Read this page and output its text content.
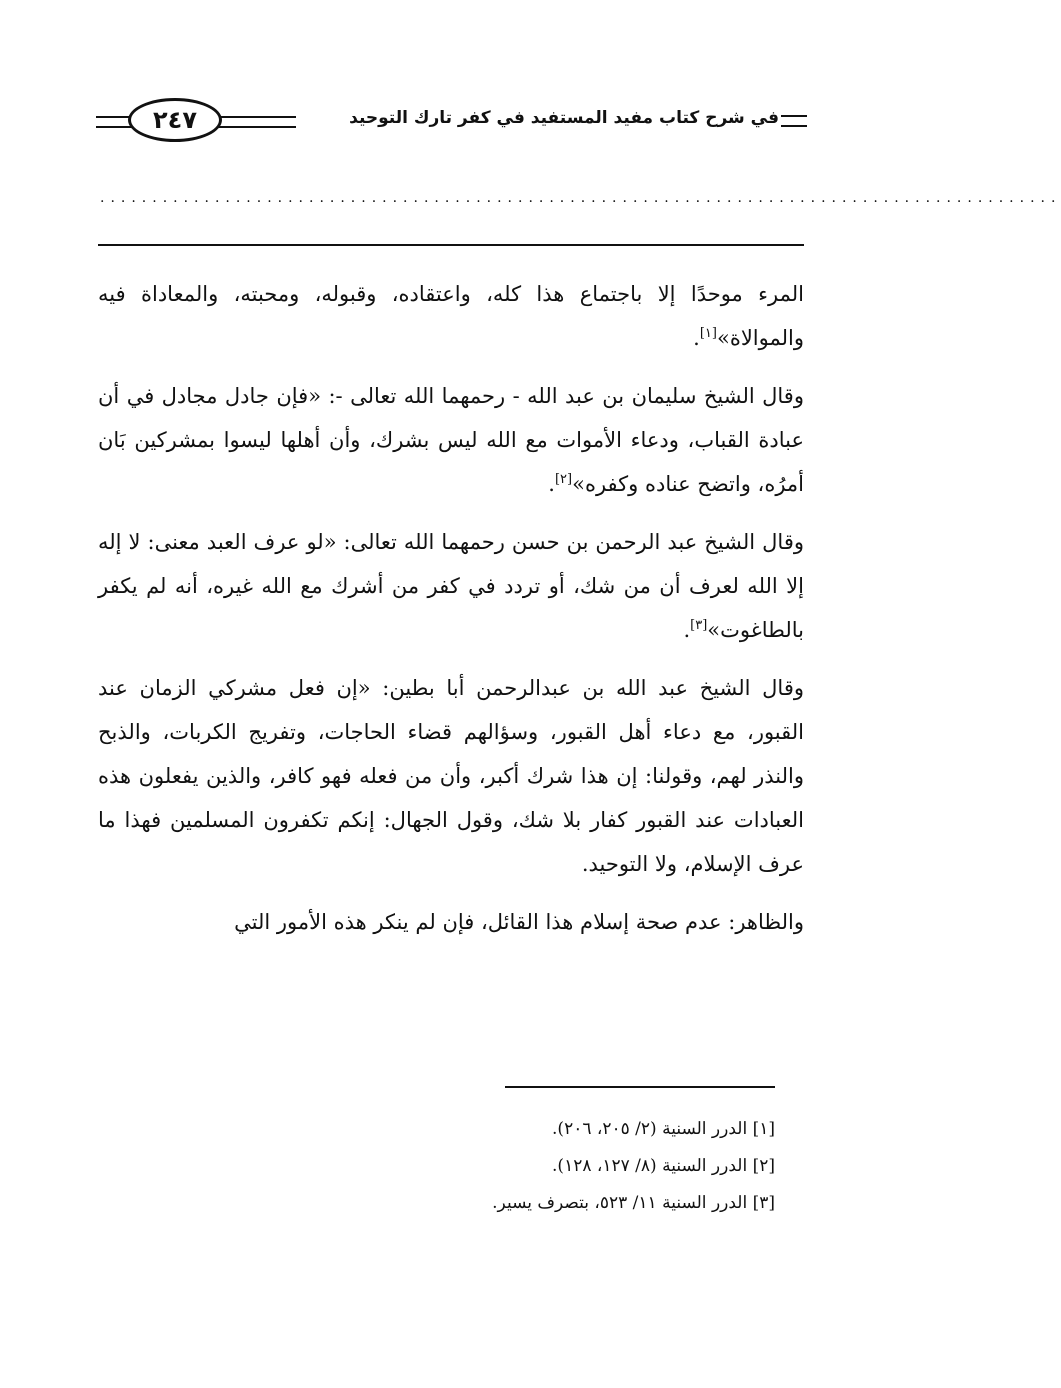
في شرح كتاب مفيد المستفيد في كفر تارك التوحيد
٢٤٧
............................................................................................

المرء موحدًا إلا باجتماع هذا كله، واعتقاده، وقبوله، ومحبته، والمعاداة فيه والموالاة»[١].

وقال الشيخ سليمان بن عبد الله - رحمهما الله تعالى -: «فإن جادل مجادل في أن عبادة القباب، ودعاء الأموات مع الله ليس بشرك، وأن أهلها ليسوا بمشركين بَان أمرُه، واتضح عناده وكفره»[٢].

وقال الشيخ عبد الرحمن بن حسن رحمهما الله تعالى: «لو عرف العبد معنى: لا إله إلا الله لعرف أن من شك، أو تردد في كفر من أشرك مع الله غيره، أنه لم يكفر بالطاغوت»[٣].

وقال الشيخ عبد الله بن عبدالرحمن أبا بطين: «إن فعل مشركي الزمان عند القبور، مع دعاء أهل القبور، وسؤالهم قضاء الحاجات، وتفريج الكربات، والذبح والنذر لهم، وقولنا: إن هذا شرك أكبر، وأن من فعله فهو كافر، والذين يفعلون هذه العبادات عند القبور كفار بلا شك، وقول الجهال: إنكم تكفرون المسلمين فهذا ما عرف الإسلام، ولا التوحيد.

والظاهر: عدم صحة إسلام هذا القائل، فإن لم ينكر هذه الأمور التي

[١] الدرر السنية (٢/ ٢٠٥، ٢٠٦).
[٢] الدرر السنية (٨/ ١٢٧، ١٢٨).
[٣] الدرر السنية ١١/ ٥٢٣، بتصرف يسير.
